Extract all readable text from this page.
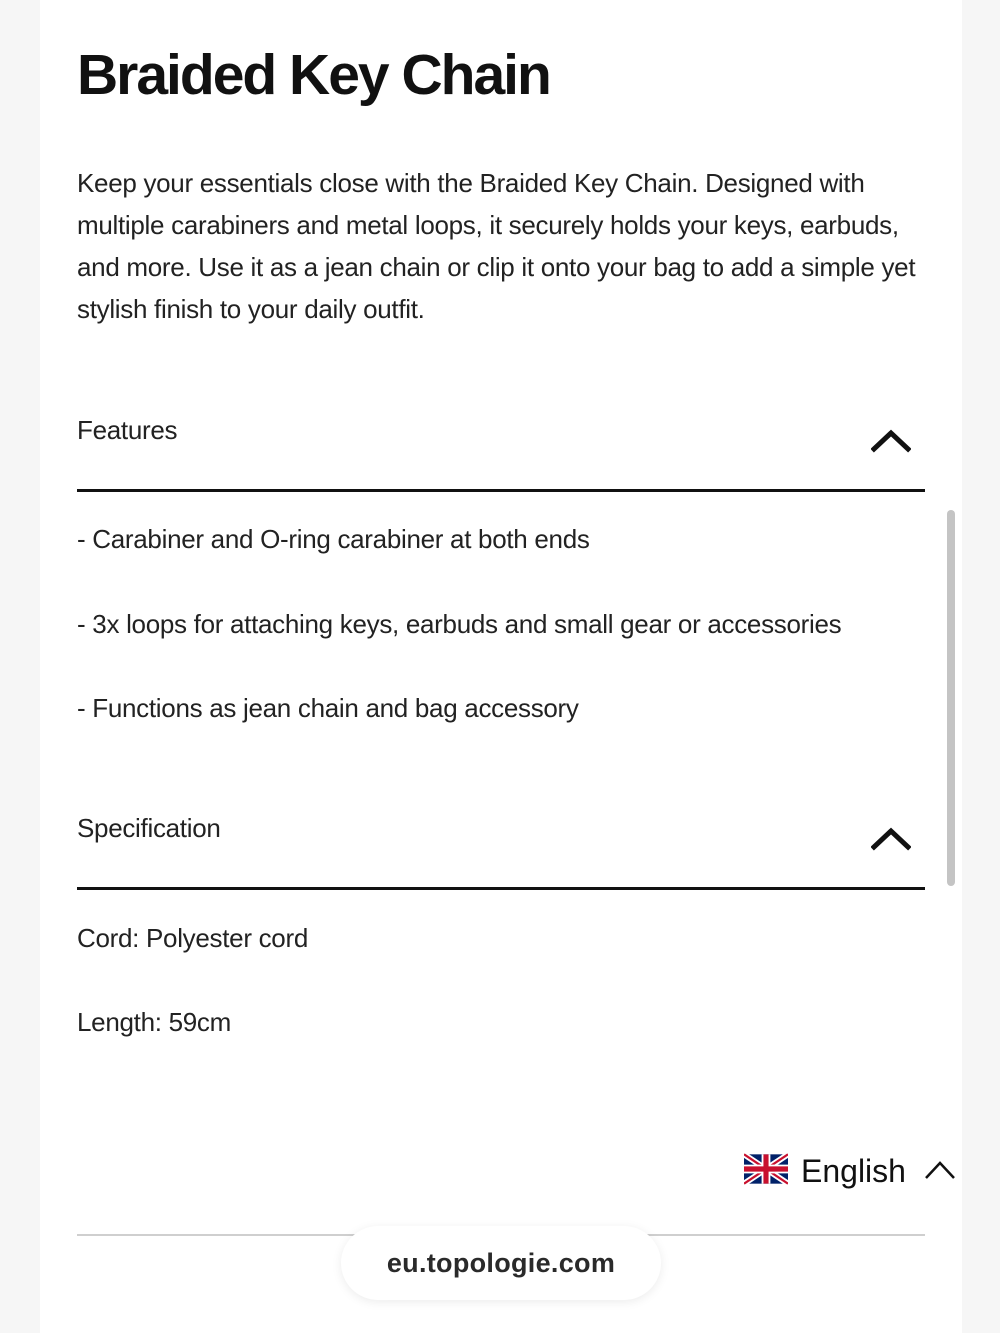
Braided Key Chain

Keep your essentials close with the Braided Key Chain. Designed with multiple carabiners and metal loops, it securely holds your keys, earbuds, and more. Use it as a jean chain or clip it onto your bag to add a simple yet stylish finish to your daily outfit.

Features
- Carabiner and O-ring carabiner at both ends
- 3x loops for attaching keys, earbuds and small gear or accessories
- Functions as jean chain and bag accessory
Specification
Cord: Polyester cord
Length: 59cm
English
eu.topologie.com
